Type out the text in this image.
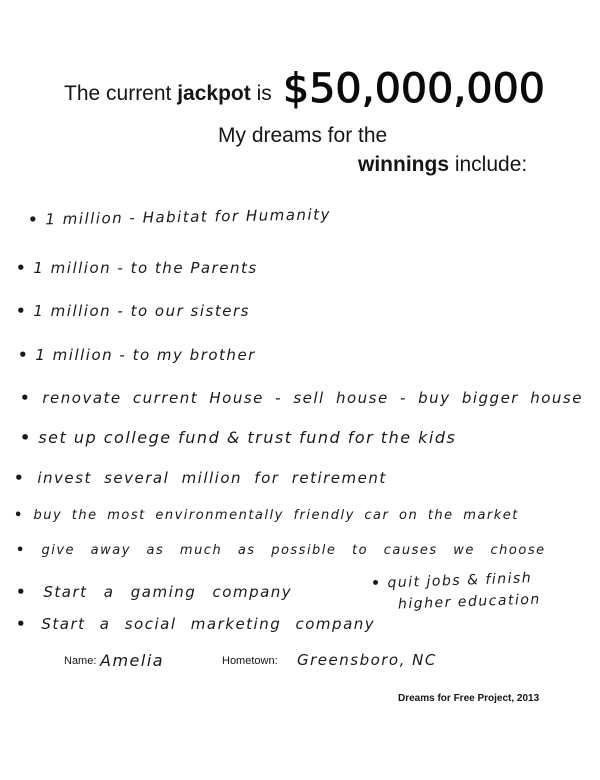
The current jackpot is $50,000,000
My dreams for the
winnings include:
• 1 million - Habitat for Humanity
• 1 million - to the Parents
• 1 million - to our sisters
• 1 million - to my brother
• renovate current House - sell house - buy bigger house
• set up college fund & trust fund for the kids
• invest several million for retirement
• buy the most environmentally friendly car on the market
• give away as much as possible to causes we choose
• Start a gaming company
• Start a social marketing company
• quit jobs & finish
higher education
Name: Amelia	Hometown: Greensboro, NC
Dreams for Free Project, 2013
